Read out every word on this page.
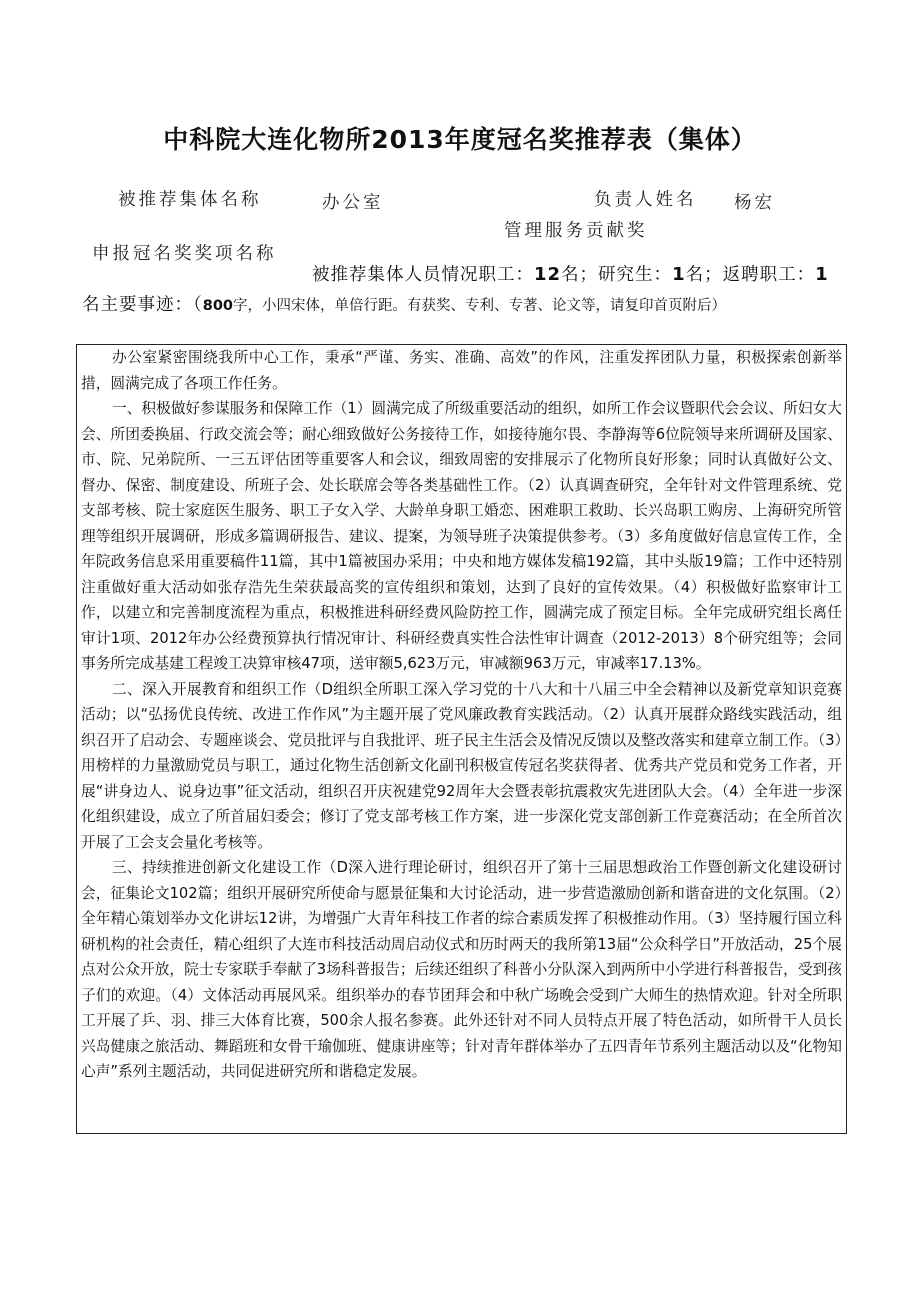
中科院大连化物所2013年度冠名奖推荐表（集体）
被推荐集体名称	办公室	负责人姓名 杨宏
管理服务贡献奖
申报冠名奖奖项名称
被推荐集体人员情况职工：12名；研究生：1名；返聘职工：1名主要事迹：（800字，小四宋体，单倍行距。有获奖、专利、专著、论文等，请复印首页附后）

办公室紧密围绕我所中心工作，秉承“严谨、务实、准确、高效”的作风，注重发挥团队力量，积极探索创新举措，圆满完成了各项工作任务。

一、积极做好参谋服务和保障工作（1）圆满完成了所级重要活动的组织，如所工作会议暨职代会会议、所妇女大会、所团委换届、行政交流会等；耐心细致做好公务接待工作，如接待施尔畏、李静海等6位院领导来所调研及国家、市、院、兄弟院所、一三五评估团等重要客人和会议，细致周密的安排展示了化物所良好形象；同时认真做好公文、督办、保密、制度建设、所班子会、处长联席会等各类基础性工作。（2）认真调查研究，全年针对文件管理系统、党支部考核、院士家庭医生服务、职工子女入学、大龄单身职工婚恋、困难职工救助、长兴岛职工购房、上海研究所管理等组织开展调研，形成多篇调研报告、建议、提案，为领导班子决策提供参考。（3）多角度做好信息宣传工作，全年院政务信息采用重要稿件11篇，其中1篇被国办采用；中央和地方媒体发稿192篇，其中头版19篇；工作中还特别注重做好重大活动如张存浩先生荣获最高奖的宣传组织和策划，达到了良好的宣传效果。（4）积极做好监察审计工作，以建立和完善制度流程为重点，积极推进科研经费风险防控工作，圆满完成了预定目标。全年完成研究组长离任审计1项、2012年办公经费预算执行情况审计、科研经费真实性合法性审计调查（2012-2013）8个研究组等；会同事务所完成基建工程竣工决算审核47项，送审额5,623万元，审减额963万元，审减率17.13%。

二、深入开展教育和组织工作（D组织全所职工深入学习党的十八大和十八届三中全会精神以及新党章知识竞赛活动；以“弘扬优良传统、改进工作作风”为主题开展了党风廉政教育实践活动。（2）认真开展群众路线实践活动，组织召开了启动会、专题座谈会、党员批评与自我批评、班子民主生活会及情况反馈以及整改落实和建章立制工作。（3）用榜样的力量激励党员与职工，通过化物生活创新文化副刊积极宣传冠名奖获得者、优秀共产党员和党务工作者，开展“讲身边人、说身边事”征文活动，组织召开庆祝建党92周年大会暨表彰抗震救灾先进团队大会。（4）全年进一步深化组织建设，成立了所首届妇委会；修订了党支部考核工作方案，进一步深化党支部创新工作竞赛活动；在全所首次开展了工会支会量化考核等。

三、持续推进创新文化建设工作（D深入进行理论研讨，组织召开了第十三届思想政治工作暨创新文化建设研讨会，征集论文102篇；组织开展研究所使命与愿景征集和大讨论活动，进一步营造激励创新和谐奋进的文化氛围。（2）全年精心策划举办文化讲坛12讲，为增强广大青年科技工作者的综合素质发挥了积极推动作用。（3）坚持履行国立科研机构的社会责任，精心组织了大连市科技活动周启动仪式和历时两天的我所第13届“公众科学日”开放活动，25个展点对公众开放，院士专家联手奉献了3场科普报告；后续还组织了科普小分队深入到两所中小学进行科普报告，受到孩子们的欢迎。（4）文体活动再展风采。组织举办的春节团拜会和中秋广场晚会受到广大师生的热情欢迎。针对全所职工开展了乒、羽、排三大体育比赛，500余人报名参赛。此外还针对不同人员特点开展了特色活动，如所骨干人员长兴岛健康之旅活动、舞蹈班和女骨干瑜伽班、健康讲座等；针对青年群体举办了五四青年节系列主题活动以及“化物知心声”系列主题活动，共同促进研究所和谐稳定发展。
